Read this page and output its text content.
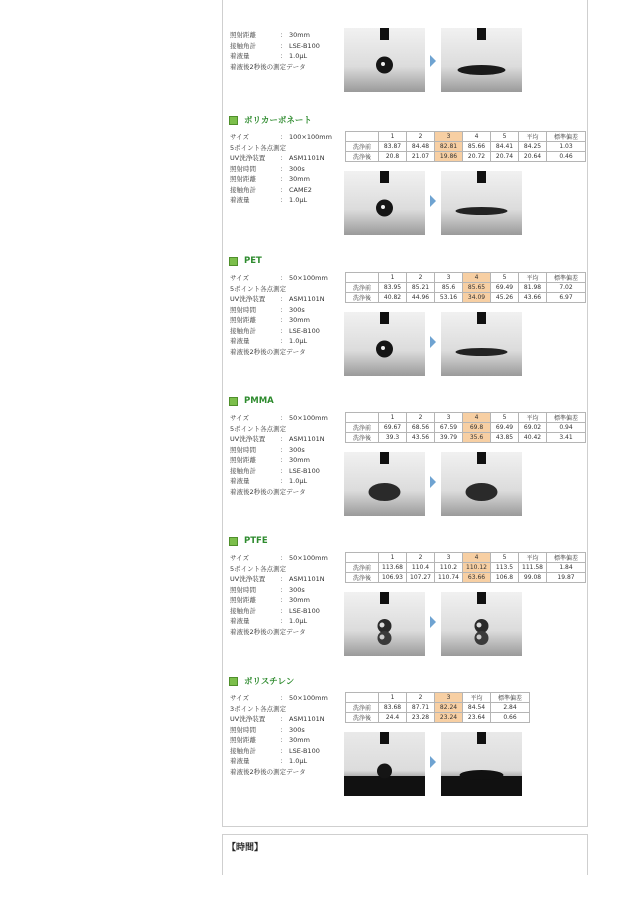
照射距離	： 30mm
接触角計	： LSE-B100
着液量	： 1.0μL
着液後2秒後の測定データ
ポリカーボネート
サイズ	： 100×100mm
5ポイント各点測定
UV洗浄装置	： ASM1101N
照射時間	： 300s
照射距離	： 30mm
接触角計	： CAME2
着液量	： 1.0μL
	1	2	3	4	5	平均	標準偏差
洗浄前	83.87	84.48	82.81	85.66	84.41	84.25	1.03
洗浄後	20.8	21.07	19.86	20.72	20.74	20.64	0.46
PET
サイズ	： 50×100mm
5ポイント各点測定
UV洗浄装置	： ASM1101N
照射時間	： 300s
照射距離	： 30mm
接触角計	： LSE-B100
着液量	： 1.0μL
着液後2秒後の測定データ
	1	2	3	4	5	平均	標準偏差
洗浄前	83.95	85.21	85.6	85.65	69.49	81.98	7.02
洗浄後	40.82	44.96	53.16	34.09	45.26	43.66	6.97
PMMA
サイズ	： 50×100mm
5ポイント各点測定
UV洗浄装置	： ASM1101N
照射時間	： 300s
照射距離	： 30mm
接触角計	： LSE-B100
着液量	： 1.0μL
着液後2秒後の測定データ
	1	2	3	4	5	平均	標準偏差
洗浄前	69.67	68.56	67.59	69.8	69.49	69.02	0.94
洗浄後	39.3	43.56	39.79	35.6	43.85	40.42	3.41
PTFE
サイズ	： 50×100mm
5ポイント各点測定
UV洗浄装置	： ASM1101N
照射時間	： 300s
照射距離	： 30mm
接触角計	： LSE-B100
着液量	： 1.0μL
着液後2秒後の測定データ
	1	2	3	4	5	平均	標準偏差
洗浄前	113.68	110.4	110.2	110.12	113.5	111.58	1.84
洗浄後	106.93	107.27	110.74	63.66	106.8	99.08	19.87
ポリスチレン
サイズ	： 50×100mm
3ポイント各点測定
UV洗浄装置	： ASM1101N
照射時間	： 300s
照射距離	： 30mm
接触角計	： LSE-B100
着液量	： 1.0μL
着液後2秒後の測定データ
	1	2	3	平均	標準偏差
洗浄前	83.68	87.71	82.24	84.54	2.84
洗浄後	24.4	23.28	23.24	23.64	0.66
【時間】
